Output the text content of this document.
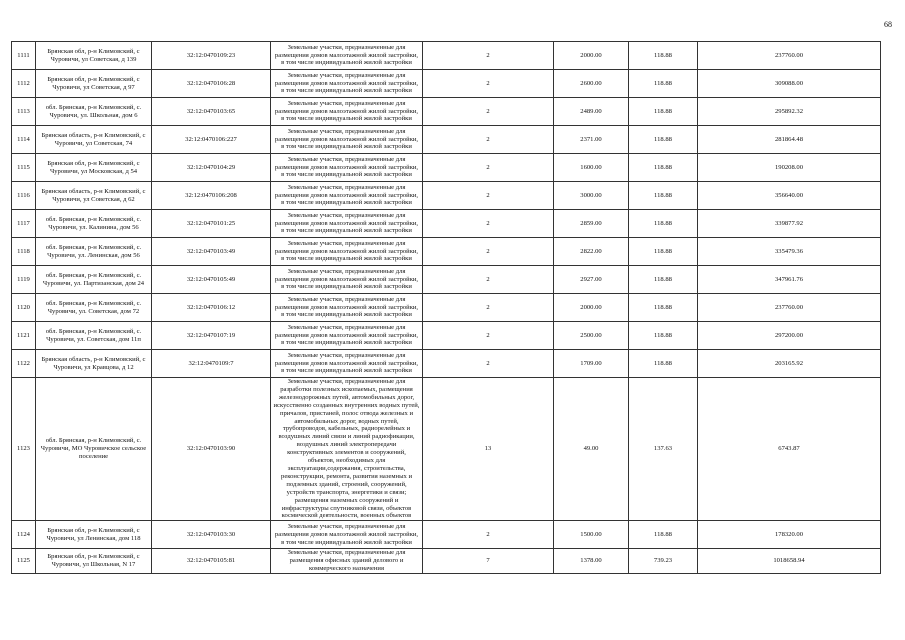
68
1111	Брянская обл, р-н Климовский, с Чуровичи, ул Советская, д 139	32:12:0470109:23	Земельные участки, предназначенные для размещения домов малоэтажной жилой застройки, в том числе индивидуальной жилой застройки	2	2000.00	118.88	237760.00
1112	Брянская обл, р-н Климовский, с Чуровичи, ул Советская, д 97	32:12:0470106:28	Земельные участки, предназначенные для размещения домов малоэтажной жилой застройки, в том числе индивидуальной жилой застройки	2	2600.00	118.88	309088.00
1113	обл. Брянская, р-н Климовский, с. Чуровичи, ул. Школьная, дом 6	32:12:0470103:65	Земельные участки, предназначенные для размещения домов малоэтажной жилой застройки, в том числе индивидуальной жилой застройки	2	2489.00	118.88	295892.32
1114	Брянская область, р-н Климовский, с Чуровичи, ул Советская, 74	32:12:0470106:227	Земельные участки, предназначенные для размещения домов малоэтажной жилой застройки, в том числе индивидуальной жилой застройки	2	2371.00	118.88	281864.48
1115	Брянская обл, р-н Климовский, с Чуровичи, ул Московская, д 54	32:12:0470104:29	Земельные участки, предназначенные для размещения домов малоэтажной жилой застройки, в том числе индивидуальной жилой застройки	2	1600.00	118.88	190208.00
1116	Брянская область, р-н Климовский, с Чуровичи, ул Советская, д 62	32:12:0470106:208	Земельные участки, предназначенные для размещения домов малоэтажной жилой застройки, в том числе индивидуальной жилой застройки	2	3000.00	118.88	356640.00
1117	обл. Брянская, р-н Климовский, с. Чуровичи, ул. Калинина, дом 56	32:12:0470101:25	Земельные участки, предназначенные для размещения домов малоэтажной жилой застройки, в том числе индивидуальной жилой застройки	2	2859.00	118.88	339877.92
1118	обл. Брянская, р-н Климовский, с. Чуровичи, ул. Ленинская, дом 56	32:12:0470103:49	Земельные участки, предназначенные для размещения домов малоэтажной жилой застройки, в том числе индивидуальной жилой застройки	2	2822.00	118.88	335479.36
1119	обл. Брянская, р-н Климовский, с. Чуровичи, ул. Партизанская, дом 24	32:12:0470105:49	Земельные участки, предназначенные для размещения домов малоэтажной жилой застройки, в том числе индивидуальной жилой застройки	2	2927.00	118.88	347961.76
1120	обл. Брянская, р-н Климовский, с. Чуровичи, ул. Советская, дом 72	32:12:0470106:12	Земельные участки, предназначенные для размещения домов малоэтажной жилой застройки, в том числе индивидуальной жилой застройки	2	2000.00	118.88	237760.00
1121	обл. Брянская, р-н Климовский, с. Чуровичи, ул. Советская, дом 11п	32:12:0470107:19	Земельные участки, предназначенные для размещения домов малоэтажной жилой застройки, в том числе индивидуальной жилой застройки	2	2500.00	118.88	297200.00
1122	Брянская область, р-н Климовский, с Чуровичи, ул Кравцова, д 12	32:12:0470109:7	Земельные участки, предназначенные для размещения домов малоэтажной жилой застройки, в том числе индивидуальной жилой застройки	2	1709.00	118.88	203165.92
1123	обл. Брянская, р-н Климовский, с. Чуровичи, МО Чуровичское сельское поселение	32:12:0470103:90	Земельные участки, предназначенные для разработки полезных ископаемых, размещения железнодорожных путей, автомобильных дорог, искусственно созданных внутренних водных путей, причалов, пристаней, полос отвода железных и автомобильных дорог, водных путей, трубопроводов, кабельных, радиорелейных и воздушных линий связи и линий радиофикации, воздушных линий электропередачи конструктивных элементов и сооружений, объектов, необходимых для эксплуатации,содержания, строительства, реконструкции, ремонта, развития наземных и подземных зданий, строений, сооружений, устройств транспорта, энергетики и связи; размещения наземных сооружений и инфраструктуры спутниковой связи, объектов космической деятельности, военных объектов	13	49.00	137.63	6743.87
1124	Брянская обл, р-н Климовский, с Чуровичи, ул Ленинская, дом 118	32:12:0470103:30	Земельные участки, предназначенные для размещения домов малоэтажной жилой застройки, в том числе индивидуальной жилой застройки	2	1500.00	118.88	178320.00
1125	Брянская обл, р-н Климовский, с Чуровичи, ул Школьная, N 17	32:12:0470105:81	Земельные участки, предназначенные для размещения офисных зданий делового и коммерческого назначения	7	1378.00	739.23	1018658.94
